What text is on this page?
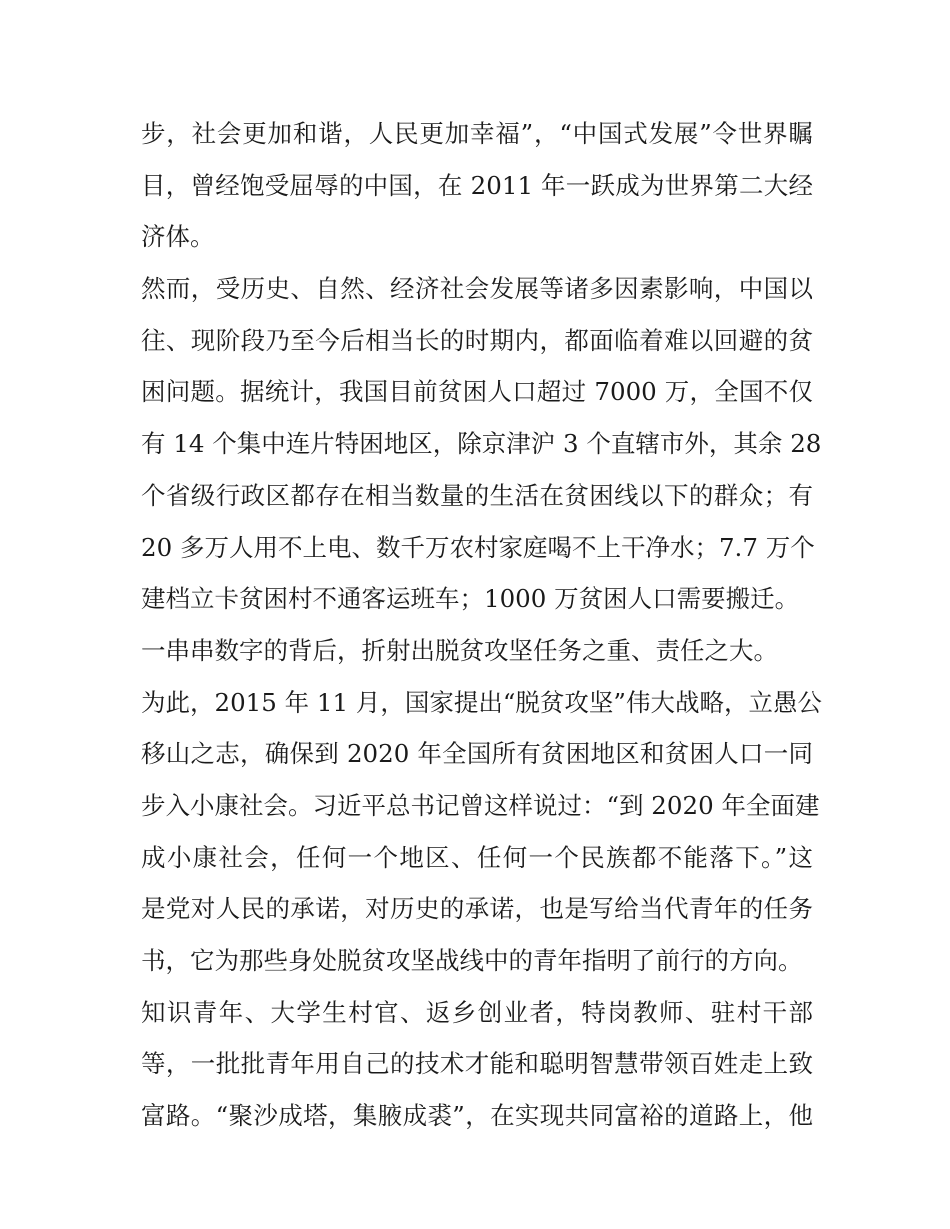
步，社会更加和谐，人民更加幸福”，“中国式发展”令世界瞩
目，曾经饱受屈辱的中国，在 2011 年一跃成为世界第二大经
济体。
然而，受历史、自然、经济社会发展等诸多因素影响，中国以
往、现阶段乃至今后相当长的时期内，都面临着难以回避的贫
困问题。据统计，我国目前贫困人口超过 7000 万，全国不仅
有 14 个集中连片特困地区，除京津沪 3 个直辖市外，其余 28
个省级行政区都存在相当数量的生活在贫困线以下的群众；有
20 多万人用不上电、数千万农村家庭喝不上干净水；7.7 万个
建档立卡贫困村不通客运班车；1000 万贫困人口需要搬迁。
一串串数字的背后，折射出脱贫攻坚任务之重、责任之大。
为此，2015 年 11 月，国家提出“脱贫攻坚”伟大战略，立愚公
移山之志，确保到 2020 年全国所有贫困地区和贫困人口一同
步入小康社会。习近平总书记曾这样说过：“到 2020 年全面建
成小康社会，任何一个地区、任何一个民族都不能落下。”这
是党对人民的承诺，对历史的承诺，也是写给当代青年的任务
书，它为那些身处脱贫攻坚战线中的青年指明了前行的方向。
知识青年、大学生村官、返乡创业者，特岗教师、驻村干部
等，一批批青年用自己的技术才能和聪明智慧带领百姓走上致
富路。“聚沙成塔，集腋成裘”，在实现共同富裕的道路上，他
